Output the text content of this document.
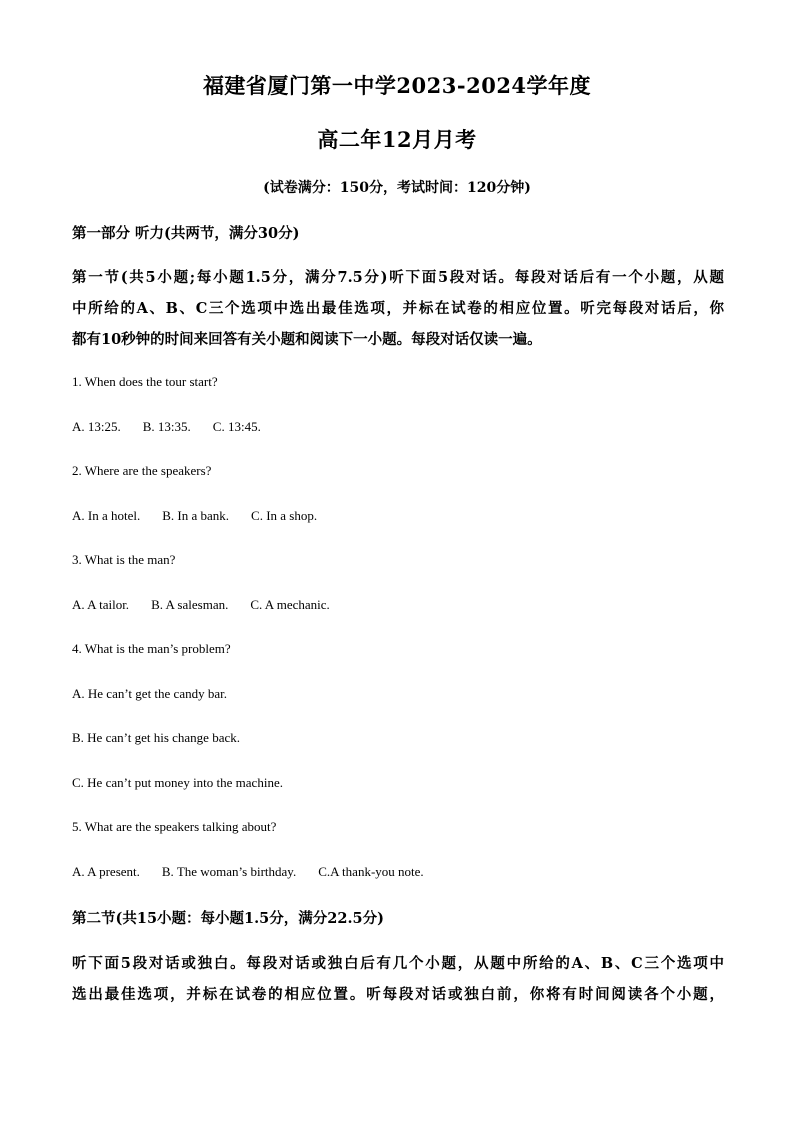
福建省厦门第一中学2023-2024学年度
高二年12月月考
(试卷满分：150分，考试时间：120分钟)
第一部分 听力(共两节，满分30分)
第一节(共5小题;每小题1.5分，满分7.5分)听下面5段对话。每段对话后有一个小题，从题
中所给的A、B、C三个选项中选出最佳选项，并标在试卷的相应位置。听完每段对话后，你
都有10秒钟的时间来回答有关小题和阅读下一小题。每段对话仅读一遍。
1. When does the tour start?
A. 13:25. B. 13:35. C. 13:45.
2. Where are the speakers?
A. In a hotel. B. In a bank. C. In a shop.
3. What is the man?
A. A tailor. B. A salesman. C. A mechanic.
4. What is the man’s problem?
A. He can’t get the candy bar.
B. He can’t get his change back.
C. He can’t put money into the machine.
5. What are the speakers talking about?
A. A present. B. The woman’s birthday. C.A thank-you note.
第二节(共15小题：每小题1.5分，满分22.5分)
听下面5段对话或独白。每段对话或独白后有几个小题，从题中所给的A、B、C三个选项中
选出最佳选项，并标在试卷的相应位置。听每段对话或独白前，你将有时间阅读各个小题，
